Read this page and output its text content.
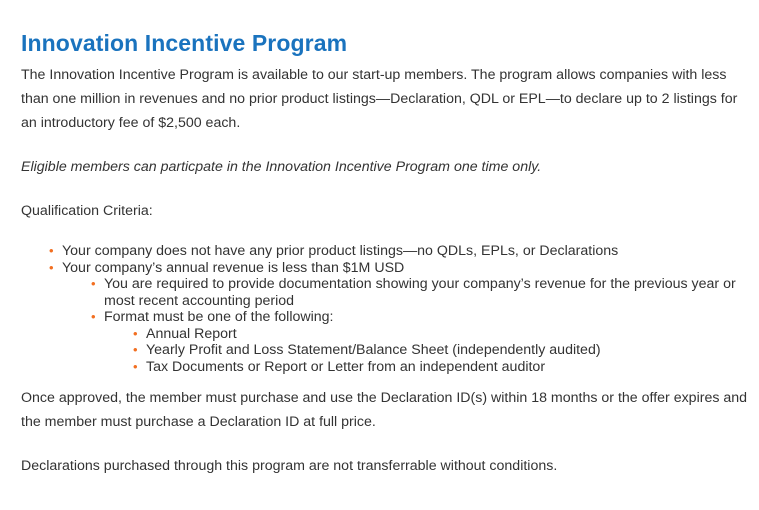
Innovation Incentive Program

The Innovation Incentive Program is available to our start-up members. The program allows companies with less than one million in revenues and no prior product listings—Declaration, QDL or EPL—to declare up to 2 listings for an introductory fee of $2,500 each.

Eligible members can particpate in the Innovation Incentive Program one time only.

Qualification Criteria:

• Your company does not have any prior product listings—no QDLs, EPLs, or Declarations
• Your company’s annual revenue is less than $1M USD
• You are required to provide documentation showing your company’s revenue for the previous year or most recent accounting period
• Format must be one of the following:
• Annual Report
• Yearly Profit and Loss Statement/Balance Sheet (independently audited)
• Tax Documents or Report or Letter from an independent auditor

Once approved, the member must purchase and use the Declaration ID(s) within 18 months or the offer expires and the member must purchase a Declaration ID at full price.

Declarations purchased through this program are not transferrable without conditions.
